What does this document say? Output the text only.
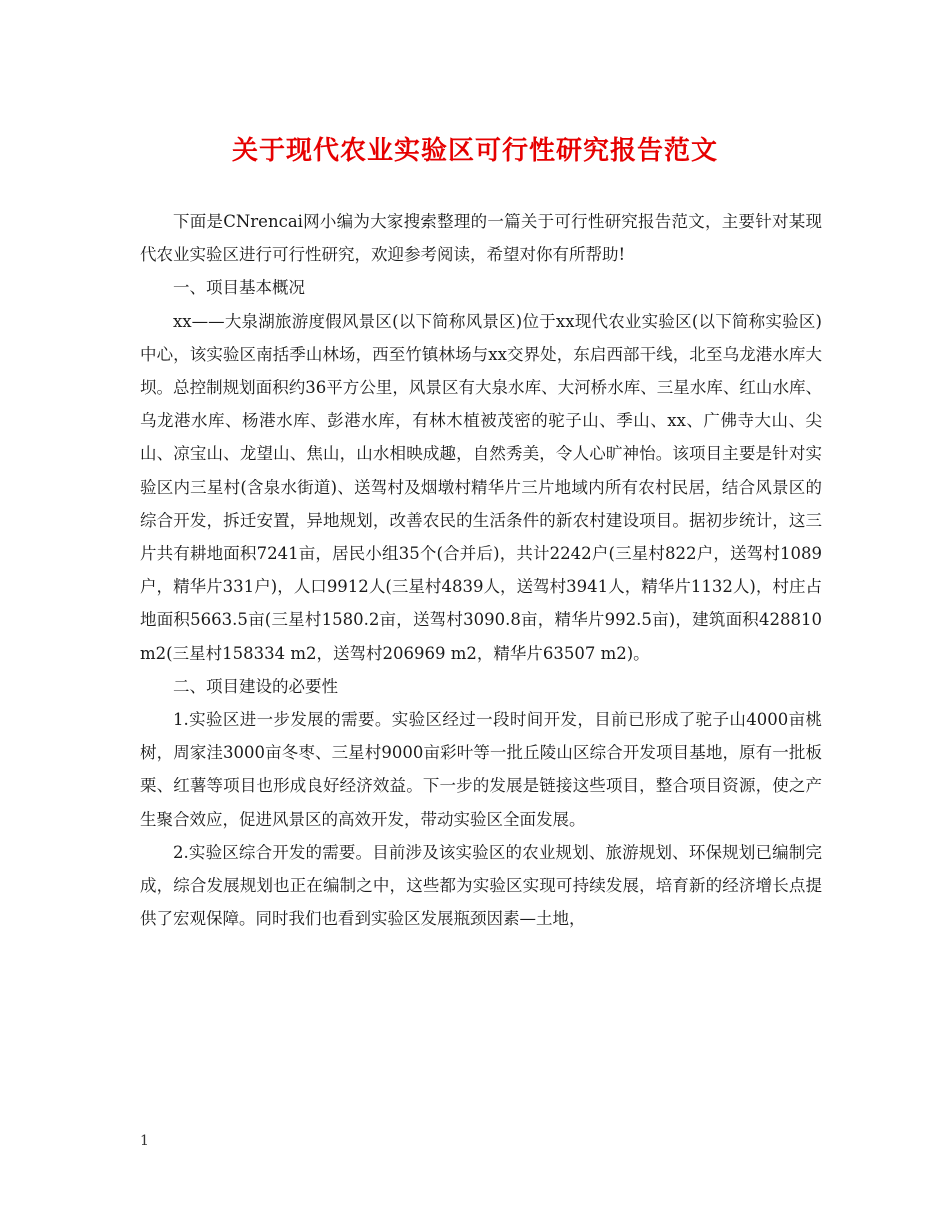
关于现代农业实验区可行性研究报告范文

下面是CNrencai网小编为大家搜索整理的一篇关于可行性研究报告范文，主要针对某现代农业实验区进行可行性研究，欢迎参考阅读，希望对你有所帮助!

一、项目基本概况

xx——大泉湖旅游度假风景区(以下简称风景区)位于xx现代农业实验区(以下简称实验区)中心，该实验区南括季山林场，西至竹镇林场与xx交界处，东启西部干线，北至乌龙港水库大坝。总控制规划面积约36平方公里，风景区有大泉水库、大河桥水库、三星水库、红山水库、乌龙港水库、杨港水库、彭港水库，有林木植被茂密的驼子山、季山、xx、广佛寺大山、尖山、凉宝山、龙望山、焦山，山水相映成趣，自然秀美，令人心旷神怡。该项目主要是针对实验区内三星村(含泉水街道)、送驾村及烟墩村精华片三片地域内所有农村民居，结合风景区的综合开发，拆迁安置，异地规划，改善农民的生活条件的新农村建设项目。据初步统计，这三片共有耕地面积7241亩，居民小组35个(合并后)，共计2242户(三星村822户，送驾村1089户，精华片331户)，人口9912人(三星村4839人，送驾村3941人，精华片1132人)，村庄占地面积5663.5亩(三星村1580.2亩，送驾村3090.8亩，精华片992.5亩)，建筑面积428810 m2(三星村158334 m2，送驾村206969 m2，精华片63507 m2)。

二、项目建设的必要性

1.实验区进一步发展的需要。实验区经过一段时间开发，目前已形成了驼子山4000亩桃树，周家洼3000亩冬枣、三星村9000亩彩叶等一批丘陵山区综合开发项目基地，原有一批板栗、红薯等项目也形成良好经济效益。下一步的发展是链接这些项目，整合项目资源，使之产生聚合效应，促进风景区的高效开发，带动实验区全面发展。

2.实验区综合开发的需要。目前涉及该实验区的农业规划、旅游规划、环保规划已编制完成，综合发展规划也正在编制之中，这些都为实验区实现可持续发展，培育新的经济增长点提供了宏观保障。同时我们也看到实验区发展瓶颈因素—土地，

1
